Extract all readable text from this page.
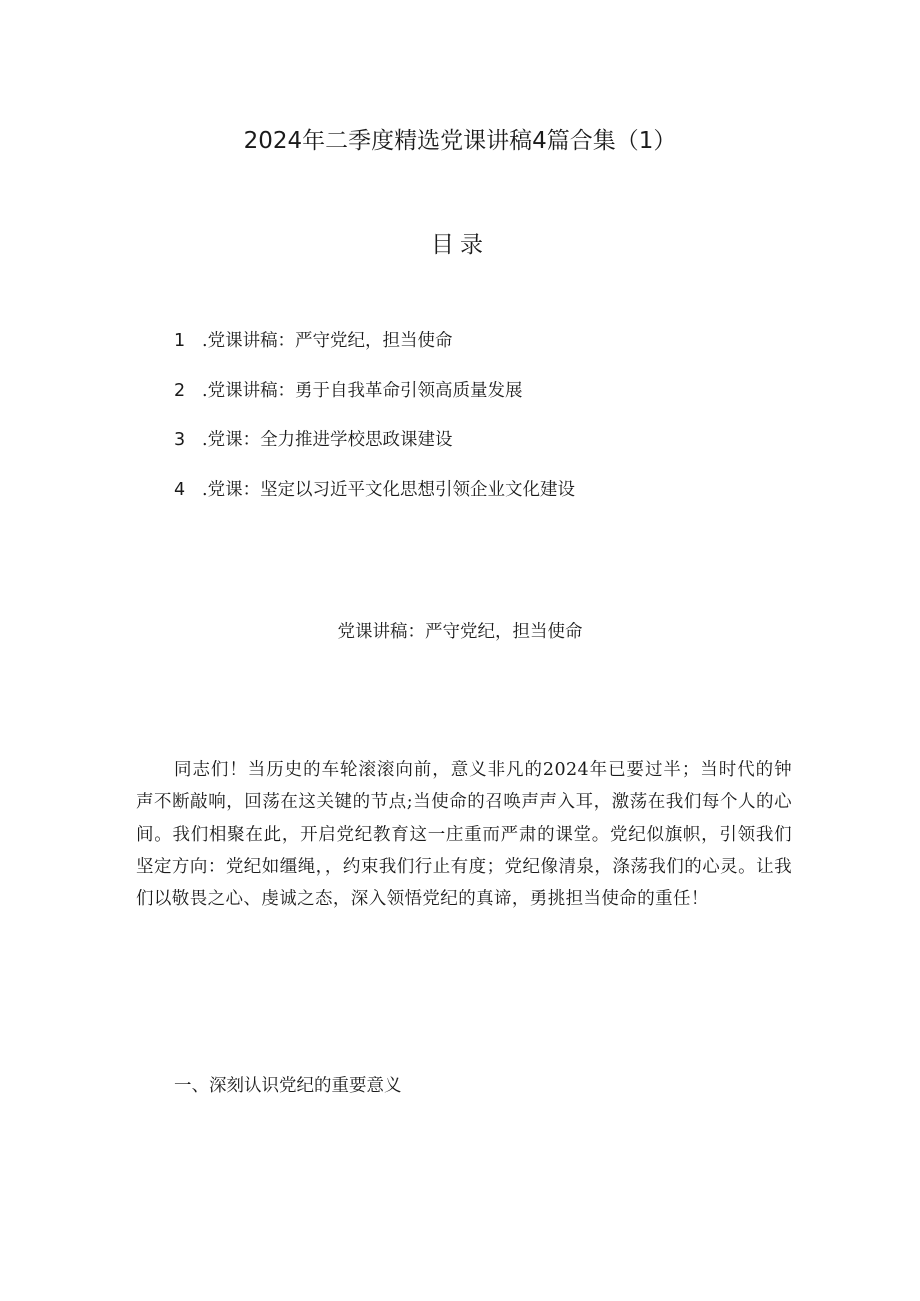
2024年二季度精选党课讲稿4篇合集（1）
目录
1 .党课讲稿：严守党纪，担当使命
2 .党课讲稿：勇于自我革命引领高质量发展
3 .党课：全力推进学校思政课建设
4 .党课：坚定以习近平文化思想引领企业文化建设
党课讲稿：严守党纪，担当使命

同志们！当历史的车轮滚滚向前，意义非凡的2024年已要过半；当时代的钟声不断敲响，回荡在这关键的节点;当使命的召唤声声入耳，激荡在我们每个人的心间。我们相聚在此，开启党纪教育这一庄重而严肃的课堂。党纪似旗帜，引领我们坚定方向：党纪如缰绳，，约束我们行止有度；党纪像清泉，涤荡我们的心灵。让我们以敬畏之心、虔诚之态，深入领悟党纪的真谛，勇挑担当使命的重任！

一、深刻认识党纪的重要意义
